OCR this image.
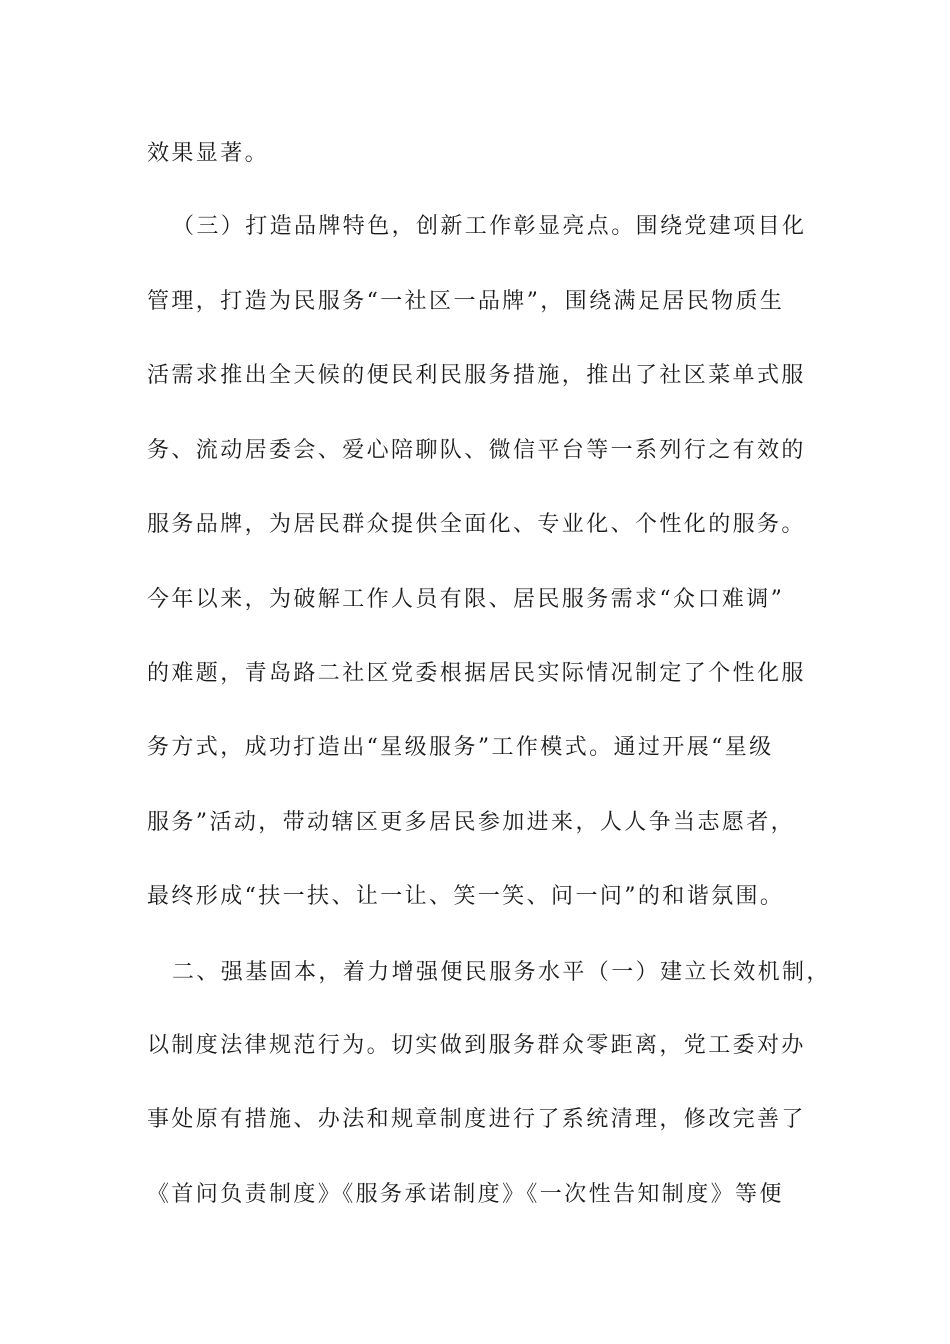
效果显著。
（三）打造品牌特色，创新工作彰显亮点。围绕党建项目化
管理，打造为民服务“一社区一品牌”，围绕满足居民物质生
活需求推出全天候的便民利民服务措施，推出了社区菜单式服
务、流动居委会、爱心陪聊队、微信平台等一系列行之有效的
服务品牌，为居民群众提供全面化、专业化、个性化的服务。
今年以来，为破解工作人员有限、居民服务需求“众口难调”
的难题，青岛路二社区党委根据居民实际情况制定了个性化服
务方式，成功打造出“星级服务”工作模式。通过开展“星级
服务”活动，带动辖区更多居民参加进来，人人争当志愿者，
最终形成“扶一扶、让一让、笑一笑、问一问”的和谐氛围。
二、强基固本，着力增强便民服务水平（一）建立长效机制，
以制度法律规范行为。切实做到服务群众零距离，党工委对办
事处原有措施、办法和规章制度进行了系统清理，修改完善了
《首问负责制度》《服务承诺制度》《一次性告知制度》等便
